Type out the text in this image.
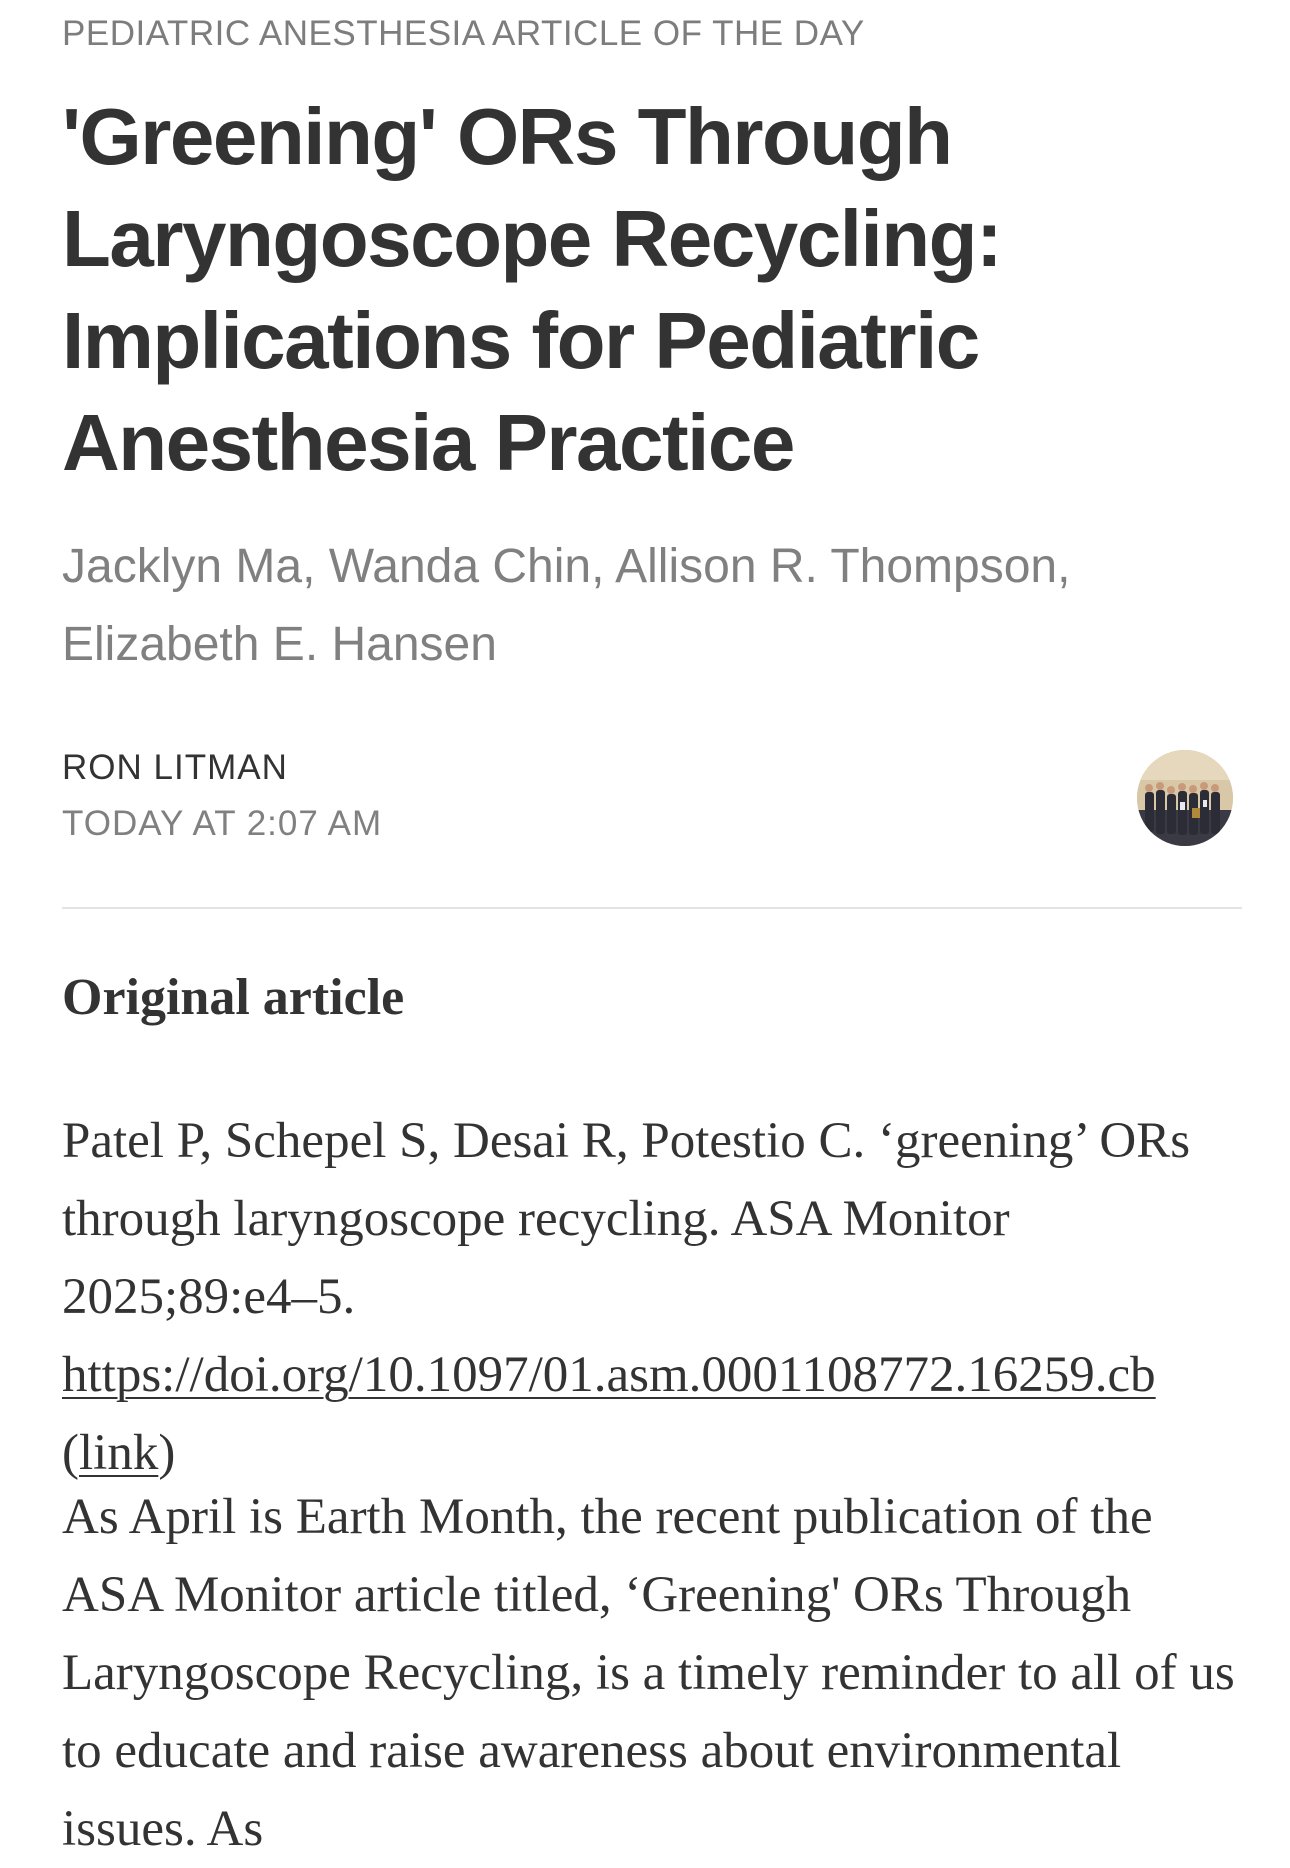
PEDIATRIC ANESTHESIA ARTICLE OF THE DAY
'Greening' ORs Through Laryngoscope Recycling: Implications for Pediatric Anesthesia Practice
Jacklyn Ma, Wanda Chin, Allison R. Thompson, Elizabeth E. Hansen
RON LITMAN
TODAY AT 2:07 AM
Original article

Patel P, Schepel S, Desai R, Potestio C. ‘greening’ ORs through laryngoscope recycling. ASA Monitor 2025;89:e4–5. https://doi.org/10.1097/01.asm.0001108772.16259.cb (link)

As April is Earth Month, the recent publication of the ASA Monitor article titled, ‘Greening' ORs Through Laryngoscope Recycling, is a timely reminder to all of us to educate and raise awareness about environmental issues. As
